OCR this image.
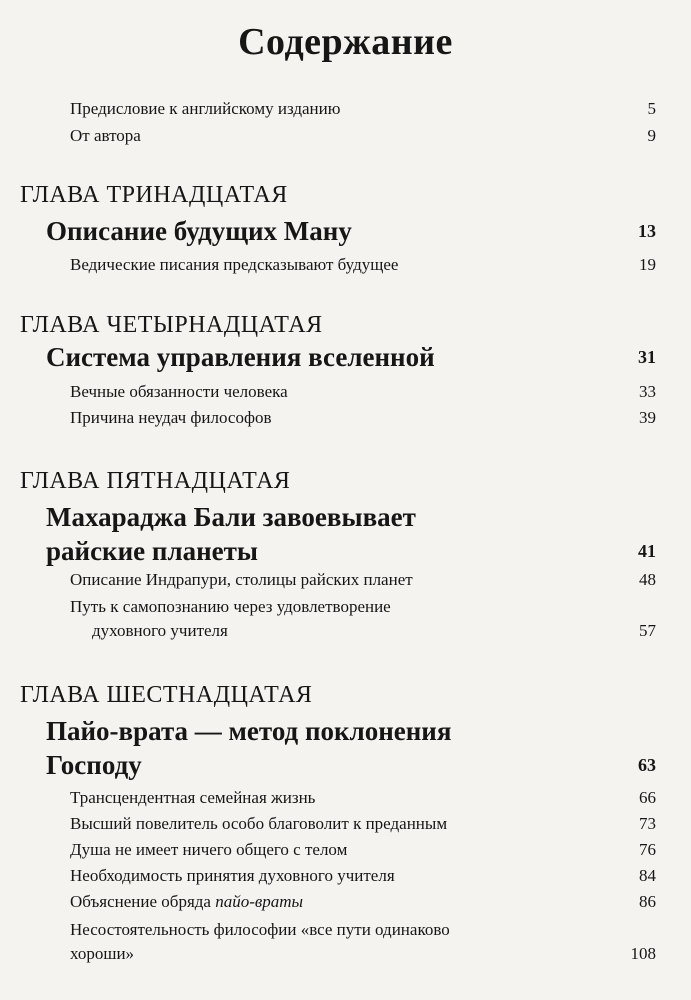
Содержание
Предисловие к английскому изданию	5
От автора	9
ГЛАВА ТРИНАДЦАТАЯ
Описание будущих Ману	13
Ведические писания предсказывают будущее	19
ГЛАВА ЧЕТЫРНАДЦАТАЯ
Система управления вселенной	31
Вечные обязанности человека	33
Причина неудач философов	39
ГЛАВА ПЯТНАДЦАТАЯ
Махараджа Бали завоевывает
райские планеты	41
Описание Индрапури, столицы райских планет	48
Путь к самопознанию через удовлетворение
духовного учителя	57
ГЛАВА ШЕСТНАДЦАТАЯ
Пайо-врата — метод поклонения
Господу	63
Трансцендентная семейная жизнь	66
Высший повелитель особо благоволит к преданным	73
Душа не имеет ничего общего с телом	76
Необходимость принятия духовного учителя	84
Объяснение обряда пайо-враты	86
Несостоятельность философии «все пути одинаково
хороши»	108
